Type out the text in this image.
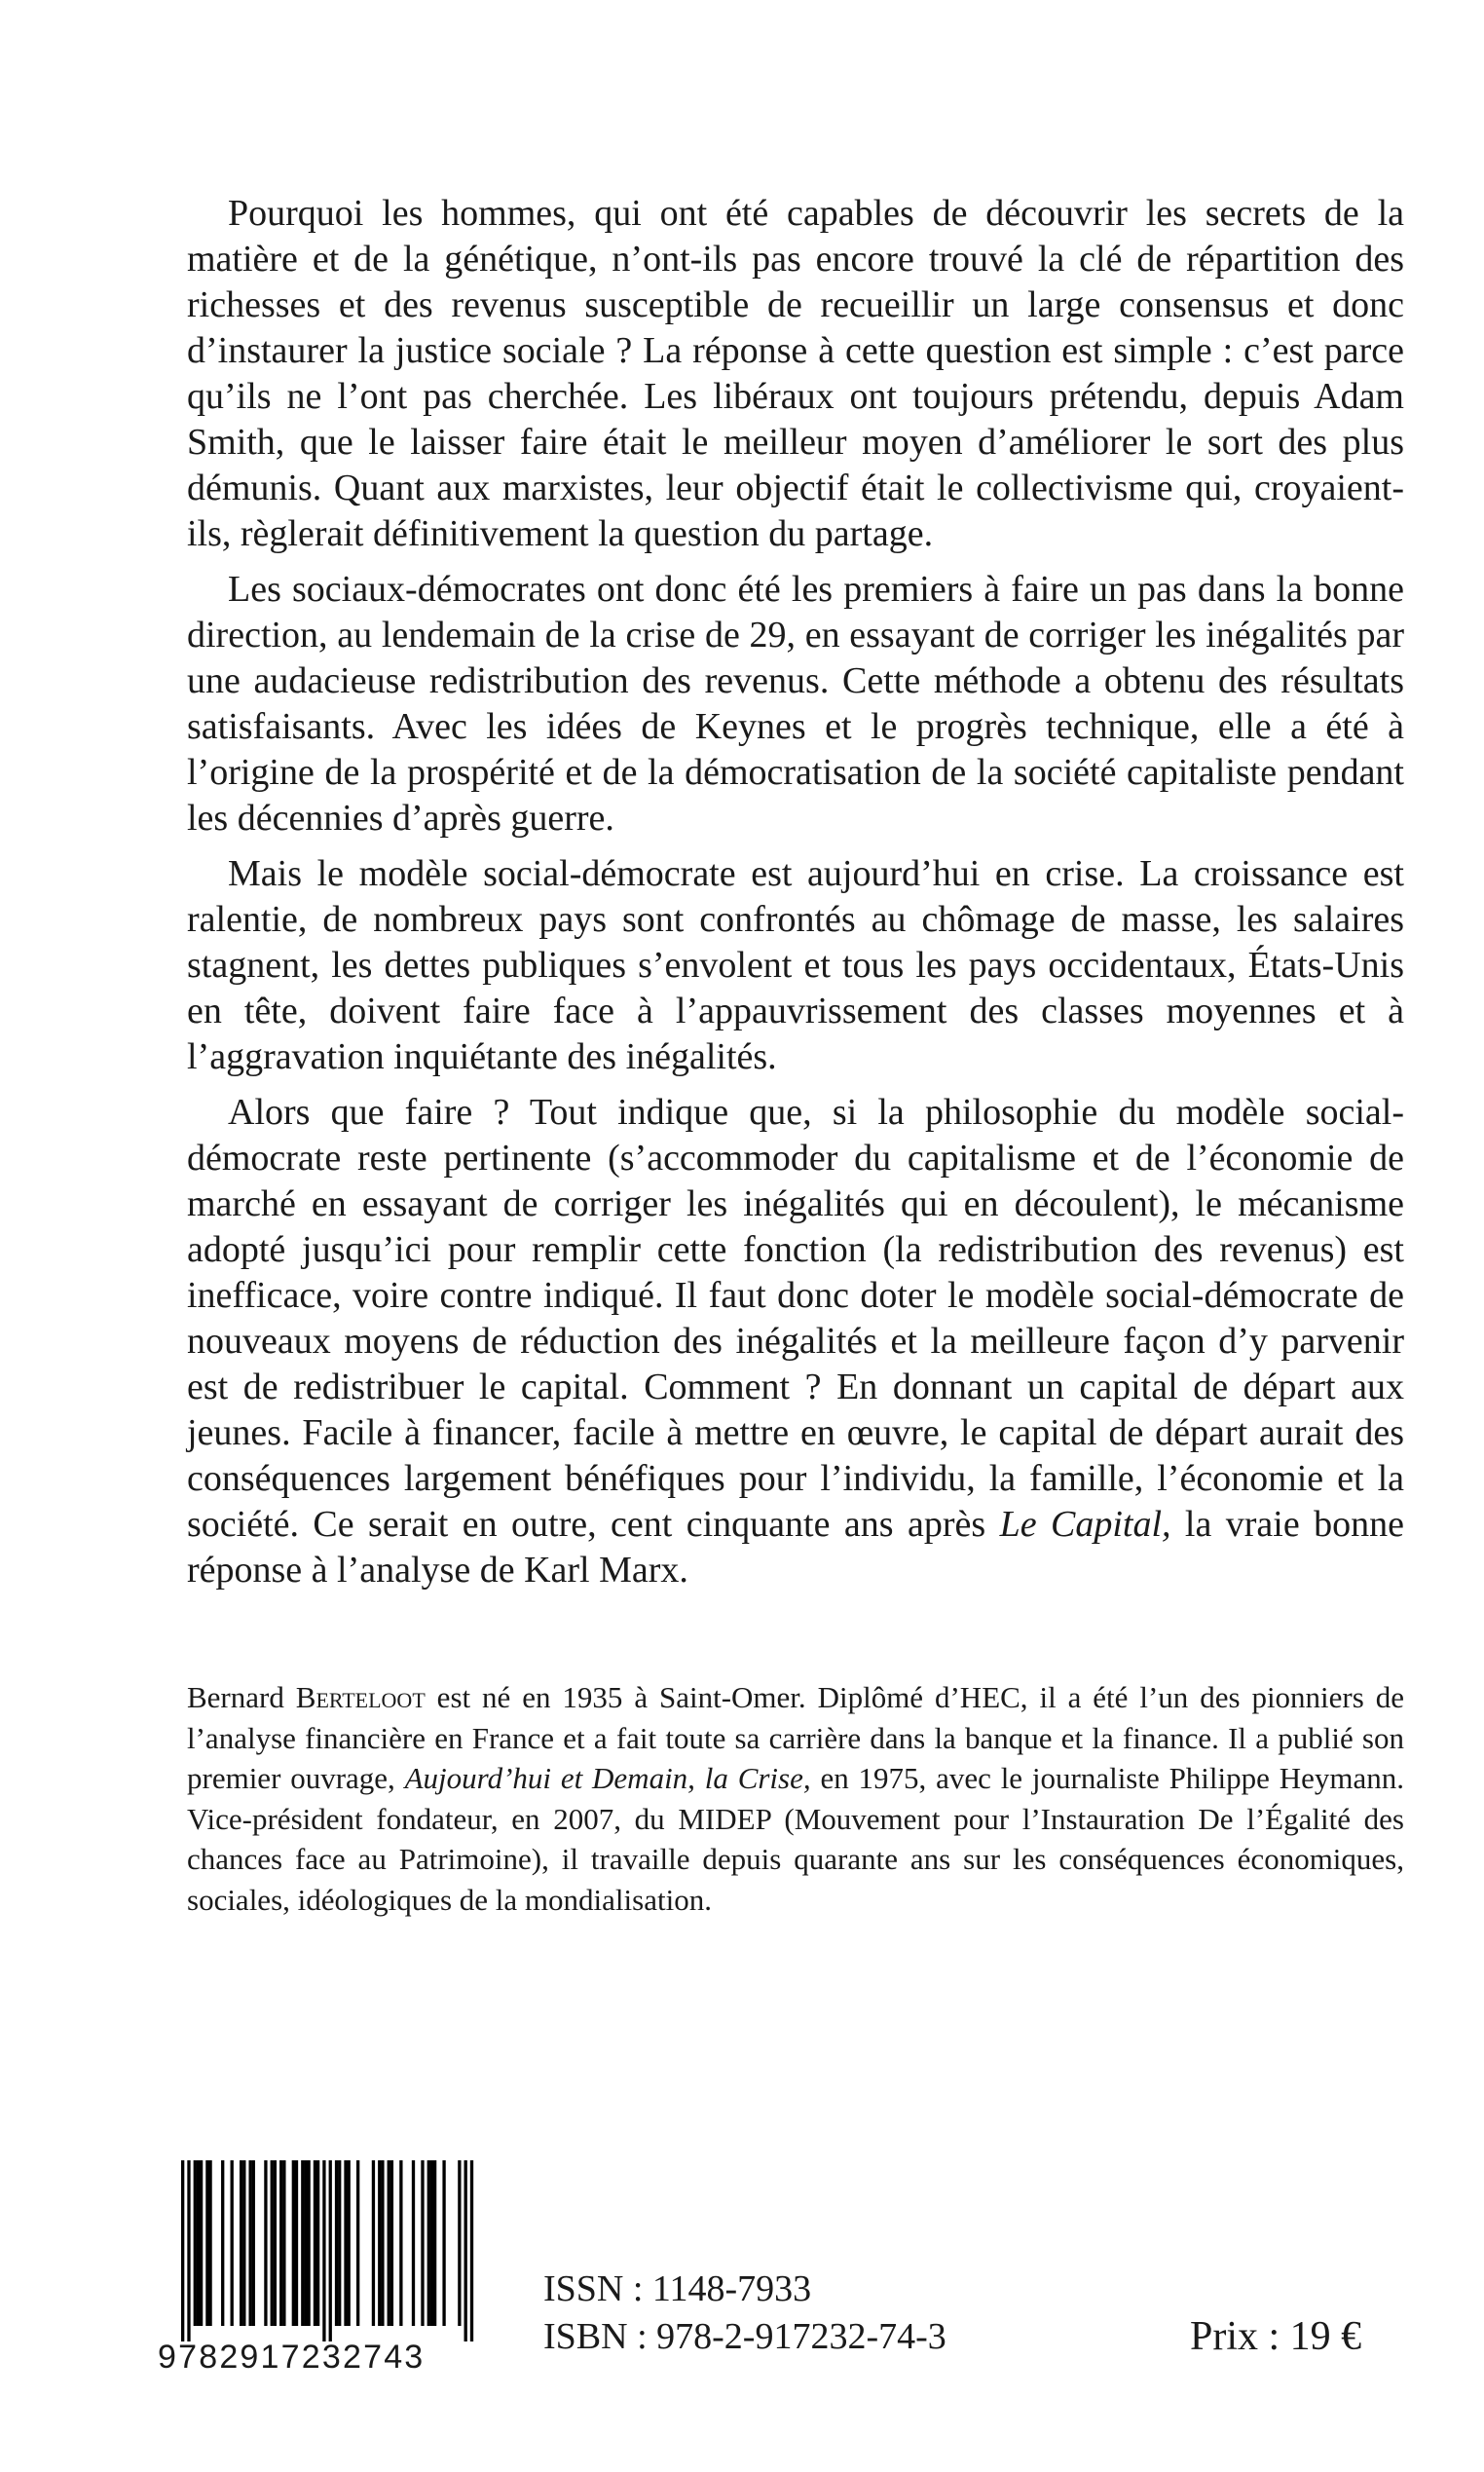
Pourquoi les hommes, qui ont été capables de découvrir les secrets de la matière et de la génétique, n’ont-ils pas encore trouvé la clé de répartition des richesses et des revenus susceptible de recueillir un large consensus et donc d’instaurer la justice sociale ? La réponse à cette question est simple : c’est parce qu’ils ne l’ont pas cherchée. Les libéraux ont toujours prétendu, depuis Adam Smith, que le laisser faire était le meilleur moyen d’améliorer le sort des plus démunis. Quant aux marxistes, leur objectif était le collectivisme qui, croyaient-ils, règlerait définitivement la question du partage.

Les sociaux-démocrates ont donc été les premiers à faire un pas dans la bonne direction, au lendemain de la crise de 29, en essayant de corriger les inégalités par une audacieuse redistribution des revenus. Cette méthode a obtenu des résultats satisfaisants. Avec les idées de Keynes et le progrès technique, elle a été à l’origine de la prospérité et de la démocratisation de la société capitaliste pendant les décennies d’après guerre.

Mais le modèle social-démocrate est aujourd’hui en crise. La croissance est ralentie, de nombreux pays sont confrontés au chômage de masse, les salaires stagnent, les dettes publiques s’envolent et tous les pays occidentaux, États-Unis en tête, doivent faire face à l’appauvrissement des classes moyennes et à l’aggravation inquiétante des inégalités.

Alors que faire ? Tout indique que, si la philosophie du modèle social-démocrate reste pertinente (s’accommoder du capitalisme et de l’économie de marché en essayant de corriger les inégalités qui en découlent), le mécanisme adopté jusqu’ici pour remplir cette fonction (la redistribution des revenus) est inefficace, voire contre indiqué. Il faut donc doter le modèle social-démocrate de nouveaux moyens de réduction des inégalités et la meilleure façon d’y parvenir est de redistribuer le capital. Comment ? En donnant un capital de départ aux jeunes. Facile à financer, facile à mettre en œuvre, le capital de départ aurait des conséquences largement bénéfiques pour l’individu, la famille, l’économie et la société. Ce serait en outre, cent cinquante ans après Le Capital, la vraie bonne réponse à l’analyse de Karl Marx.

Bernard Berteloot est né en 1935 à Saint-Omer. Diplômé d’HEC, il a été l’un des pionniers de l’analyse financière en France et a fait toute sa carrière dans la banque et la finance. Il a publié son premier ouvrage, Aujourd’hui et Demain, la Crise, en 1975, avec le journaliste Philippe Heymann. Vice-président fondateur, en 2007, du MIDEP (Mouvement pour l’Instauration De l’Égalité des chances face au Patrimoine), il travaille depuis quarante ans sur les conséquences économiques, sociales, idéologiques de la mondialisation.

9782917232743
ISSN : 1148-7933
ISBN : 978-2-917232-74-3	Prix : 19 €
